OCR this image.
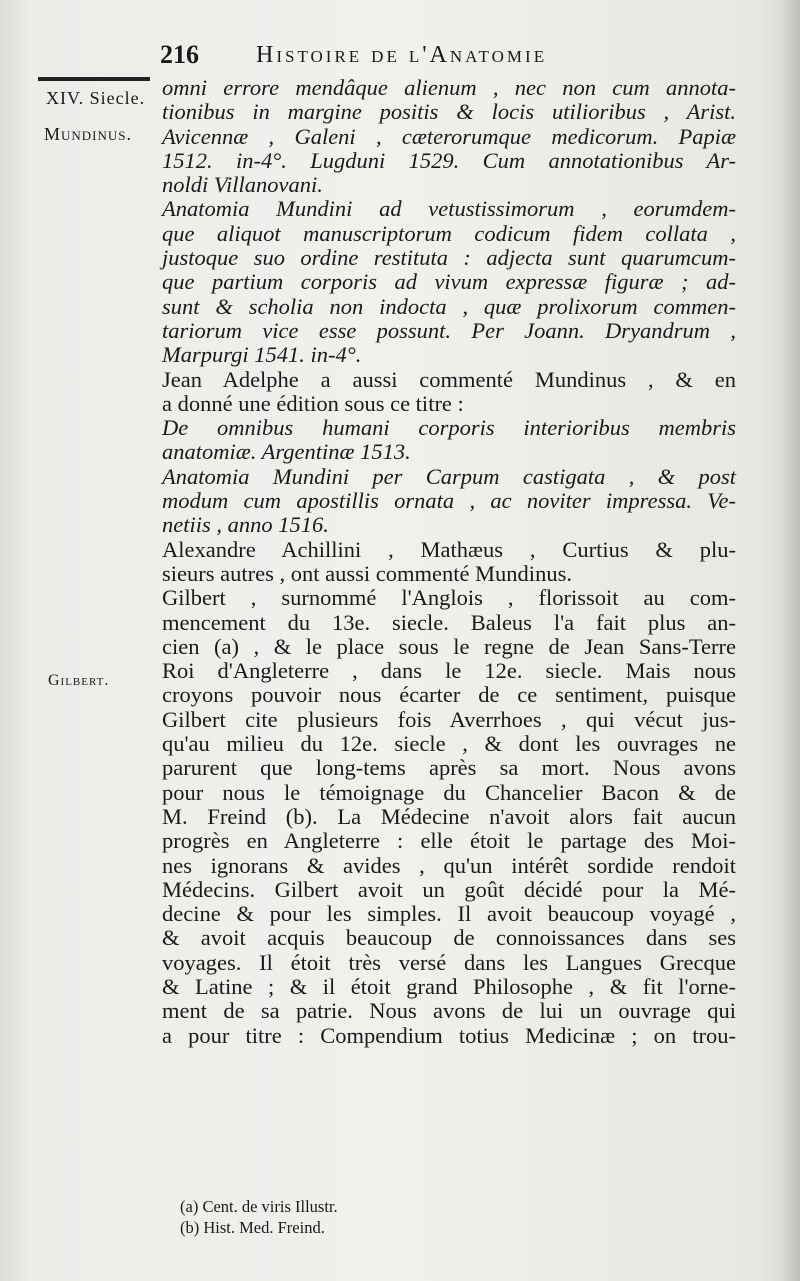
216 Histoire de l'Anatomie
XIV. Siecle.
Mundinus.
Gilbert.
omni errore mendâque alienum , nec non cum annota-
tionibus in margine positis & locis utilioribus , Arist.
Avicennæ , Galeni , cæterorumque medicorum. Papiæ
1512. in-4°. Lugduni 1529. Cum annotationibus Ar-
noldi Villanovani.
Anatomia Mundini ad vetustissimorum , eorumdem-
que aliquot manuscriptorum codicum fidem collata ,
justoque suo ordine restituta : adjecta sunt quarumcum-
que partium corporis ad vivum expressæ figuræ ; ad-
sunt & scholia non indocta , quæ prolixorum commen-
tariorum vice esse possunt. Per Joann. Dryandrum ,
Marpurgi 1541. in-4°.
Jean Adelphe a aussi commenté Mundinus , & en
a donné une édition sous ce titre :
De omnibus humani corporis interioribus membris
anatomiæ. Argentinæ 1513.
Anatomia Mundini per Carpum castigata , & post
modum cum apostillis ornata , ac noviter impressa. Ve-
netiis , anno 1516.
Alexandre Achillini , Mathæus , Curtius & plu-
sieurs autres , ont aussi commenté Mundinus.
Gilbert , surnommé l'Anglois , florissoit au com-
mencement du 13e. siecle. Baleus l'a fait plus an-
cien (a) , & le place sous le regne de Jean Sans-Terre
Roi d'Angleterre , dans le 12e. siecle. Mais nous
croyons pouvoir nous écarter de ce sentiment, puisque
Gilbert cite plusieurs fois Averrhoes , qui vécut jus-
qu'au milieu du 12e. siecle , & dont les ouvrages ne
parurent que long-tems après sa mort. Nous avons
pour nous le témoignage du Chancelier Bacon & de
M. Freind (b). La Médecine n'avoit alors fait aucun
progrès en Angleterre : elle étoit le partage des Moi-
nes ignorans & avides , qu'un intérêt sordide rendoit
Médecins. Gilbert avoit un goût décidé pour la Mé-
decine & pour les simples. Il avoit beaucoup voyagé ,
& avoit acquis beaucoup de connoissances dans ses
voyages. Il étoit très versé dans les Langues Grecque
& Latine ; & il étoit grand Philosophe , & fit l'orne-
ment de sa patrie. Nous avons de lui un ouvrage qui
a pour titre : Compendium totius Medicinæ ; on trou-
(a) Cent. de viris Illustr.
(b) Hist. Med. Freind.
